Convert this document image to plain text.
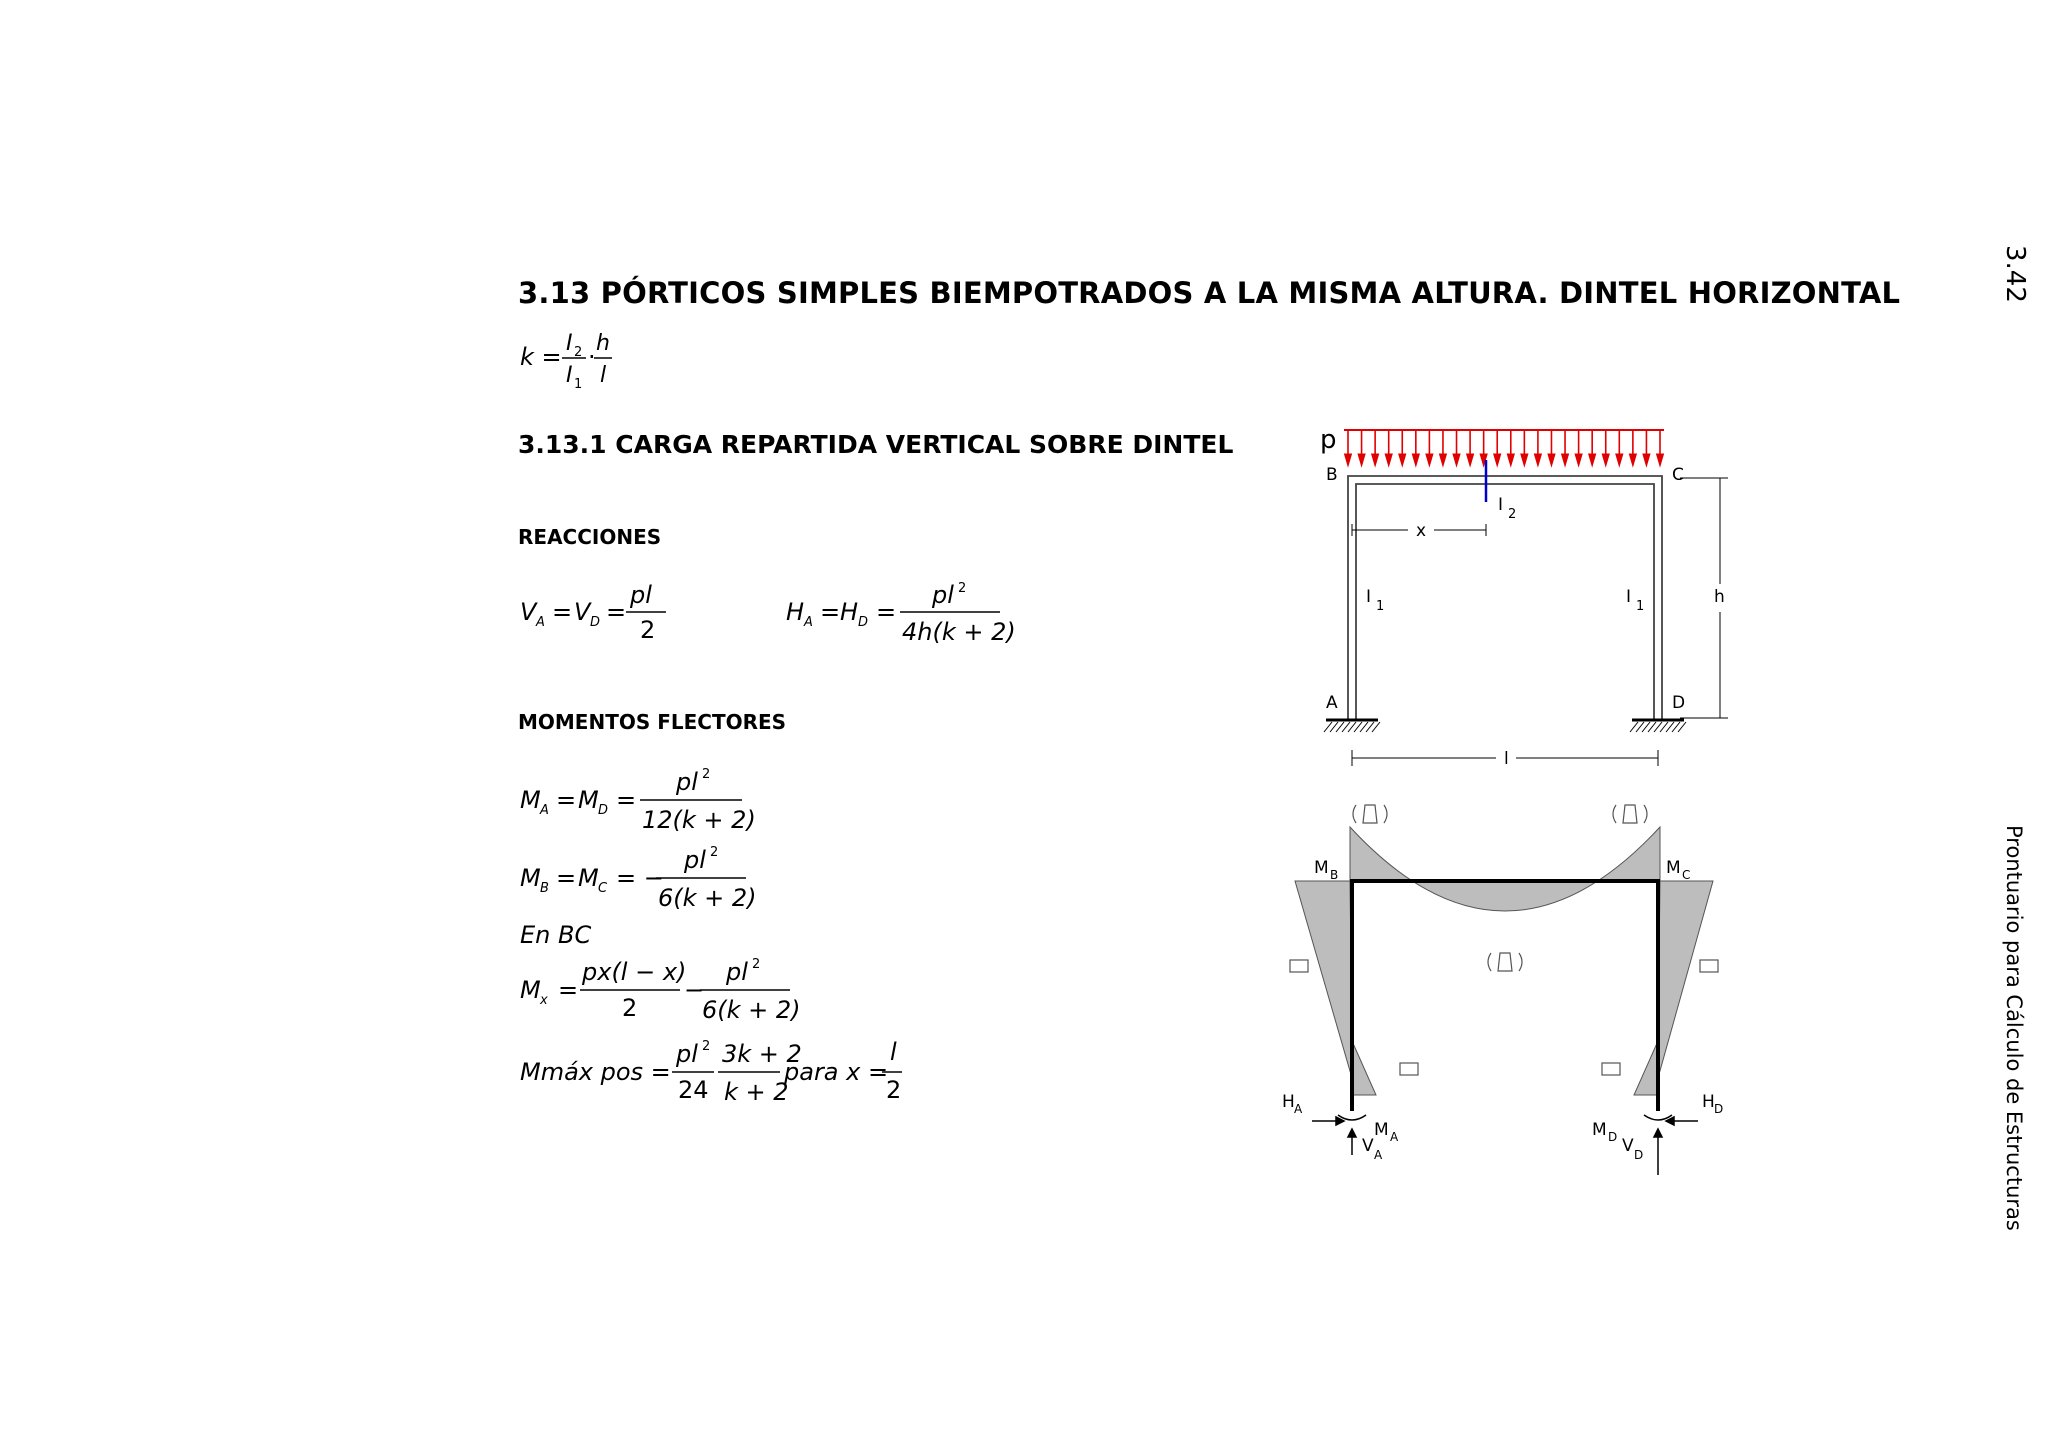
3.42
Prontuario para Cálculo de Estructuras
3.13 PÓRTICOS SIMPLES BIEMPOTRADOS A LA MISMA ALTURA. DINTEL HORIZONTAL
3.13.1 CARGA REPARTIDA VERTICAL SOBRE DINTEL
REACCIONES
MOMENTOS FLECTORES
k = I 2
I 1
· h
l
V A = V D =
pl
2
H A = H D =
pl 2
4h(k + 2)
M A = M D =
pl 2
12(k + 2)
M B = M C = −
pl 2
6(k + 2)
En BC
M x =
px(l − x)
2
−
pl 2
6(k + 2)
Mmáx pos =
pl 2
24
3k + 2
k + 2
para x =
l
2
p
B	C
A	D
x
I 2
I 1	I 1	h
l
M B	M C
H A	H D
M A	M D
V A	V D
